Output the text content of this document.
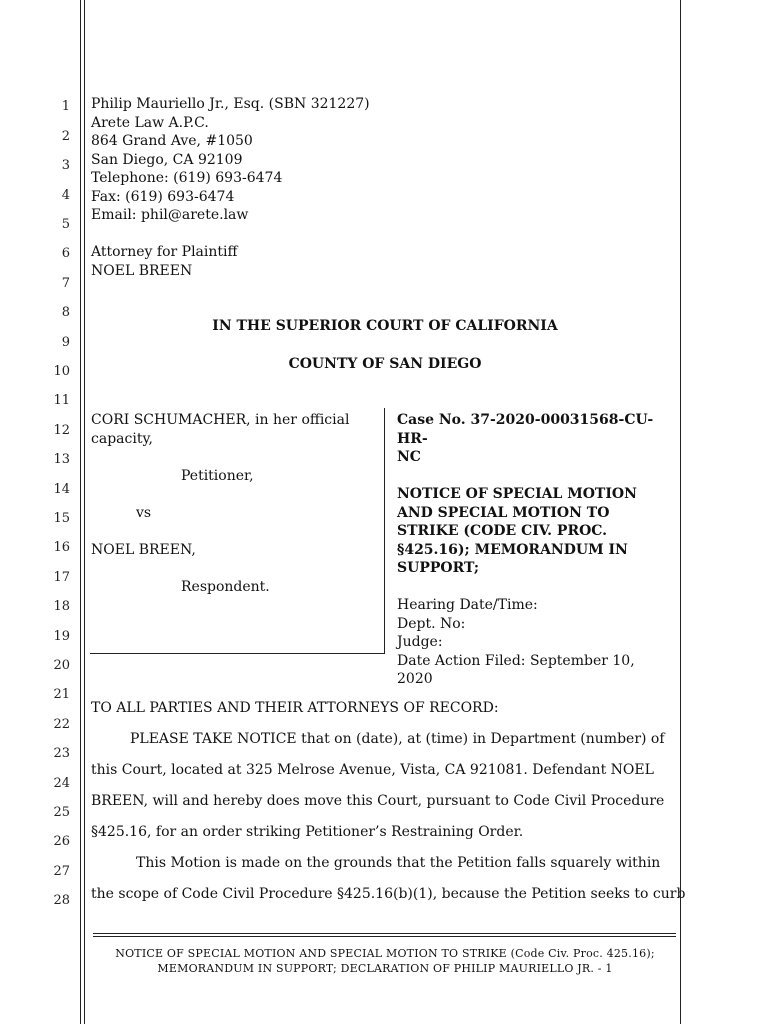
1
2
3
4
5
6
7
8
9
10
11
12
13
14
15
16
17
18
19
20
21
22
23
24
25
26
27
28
Philip Mauriello Jr., Esq. (SBN 321227)
Arete Law A.P.C.
864 Grand Ave, #1050
San Diego, CA 92109
Telephone: (619) 693-6474
Fax: (619) 693-6474
Email: phil@arete.law
Attorney for Plaintiff
NOEL BREEN
IN THE SUPERIOR COURT OF CALIFORNIA
COUNTY OF SAN DIEGO
CORI SCHUMACHER, in her official
capacity,
Petitioner,
vs
NOEL BREEN,
Respondent.
Case No. 37-2020-00031568-CU-HR-
NC
NOTICE OF SPECIAL MOTION
AND SPECIAL MOTION TO
STRIKE (CODE CIV. PROC.
§425.16); MEMORANDUM IN
SUPPORT;
Hearing Date/Time:
Dept. No:
Judge:
Date Action Filed: September 10, 2020
TO ALL PARTIES AND THEIR ATTORNEYS OF RECORD:
PLEASE TAKE NOTICE that on (date), at (time) in Department (number) of
this Court, located at 325 Melrose Avenue, Vista, CA 921081. Defendant NOEL
BREEN, will and hereby does move this Court, pursuant to Code Civil Procedure
§425.16, for an order striking Petitioner’s Restraining Order.
This Motion is made on the grounds that the Petition falls squarely within
the scope of Code Civil Procedure §425.16(b)(1), because the Petition seeks to curb
NOTICE OF SPECIAL MOTION AND SPECIAL MOTION TO STRIKE (Code Civ. Proc. 425.16);
MEMORANDUM IN SUPPORT; DECLARATION OF PHILIP MAURIELLO JR. - 1
